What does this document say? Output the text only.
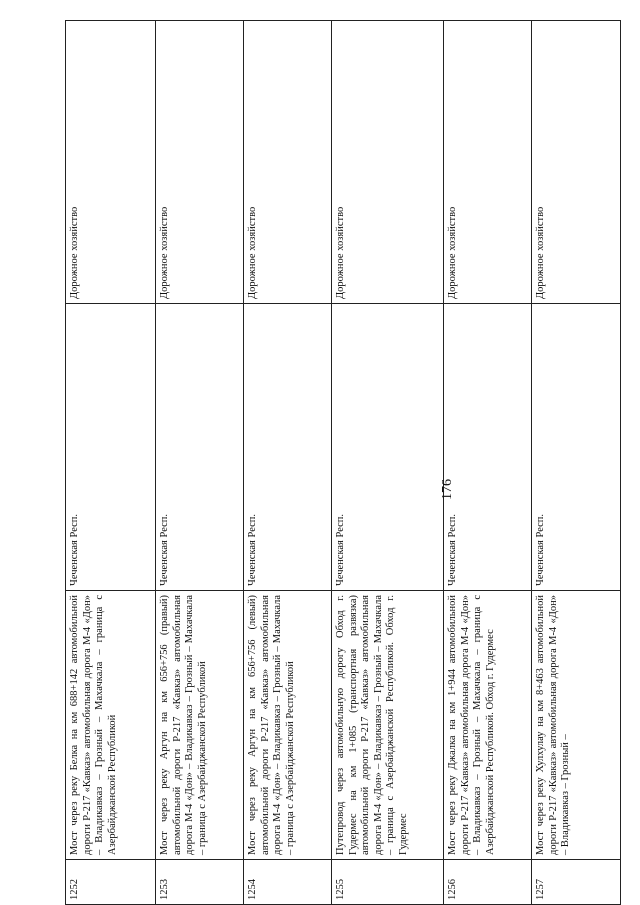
1252	Мост через реку Белка на км 688+142 автомобильной дороги Р-217 «Кавказ» автомобильная дорога М-4 «Дон» – Владикавказ – Грозный – Махачкала – граница с Азербайджанской Республикой	Чеченская Респ.	Дорожное хозяйство
1253	Мост через реку Аргун на км 656+756 (правый) автомобильной дороги Р-217 «Кавказ» автомобильная дорога М-4 «Дон» – Владикавказ – Грозный – Махачкала – граница с Азербайджанской Республикой	Чеченская Респ.	Дорожное хозяйство
1254	Мост через реку Аргун на км 656+756 (левый) автомобильной дороги Р-217 «Кавказ» автомобильная дорога М-4 «Дон» – Владикавказ – Грозный – Махачкала – граница с Азербайджанской Республикой	Чеченская Респ.	Дорожное хозяйство
1255	Путепровод через автомобильную дорогу Обход г. Гудермес на км 1+085 (транспортная развязка) автомобильной дороги Р-217 «Кавказ» автомобильная дорога М-4 «Дон» – Владикавказ – Грозный – Махачкала – граница с Азербайджанской Республикой. Обход г. Гудермес	Чеченская Респ.	Дорожное хозяйство
1256	Мост через реку Джалка на км 1+944 автомобильной дороги Р-217 «Кавказ» автомобильная дорога М-4 «Дон» – Владикавказ – Грозный – Махачкала – граница с Азербайджанской Республикой. Обход г. Гудермес	Чеченская Респ.	Дорожное хозяйство
1257	Мост через реку Хулхулау на км 8+463 автомобильной дороги Р-217 «Кавказ» автомобильная дорога М-4 «Дон» – Владикавказ – Грозный –	Чеченская Респ.	Дорожное хозяйство
176
